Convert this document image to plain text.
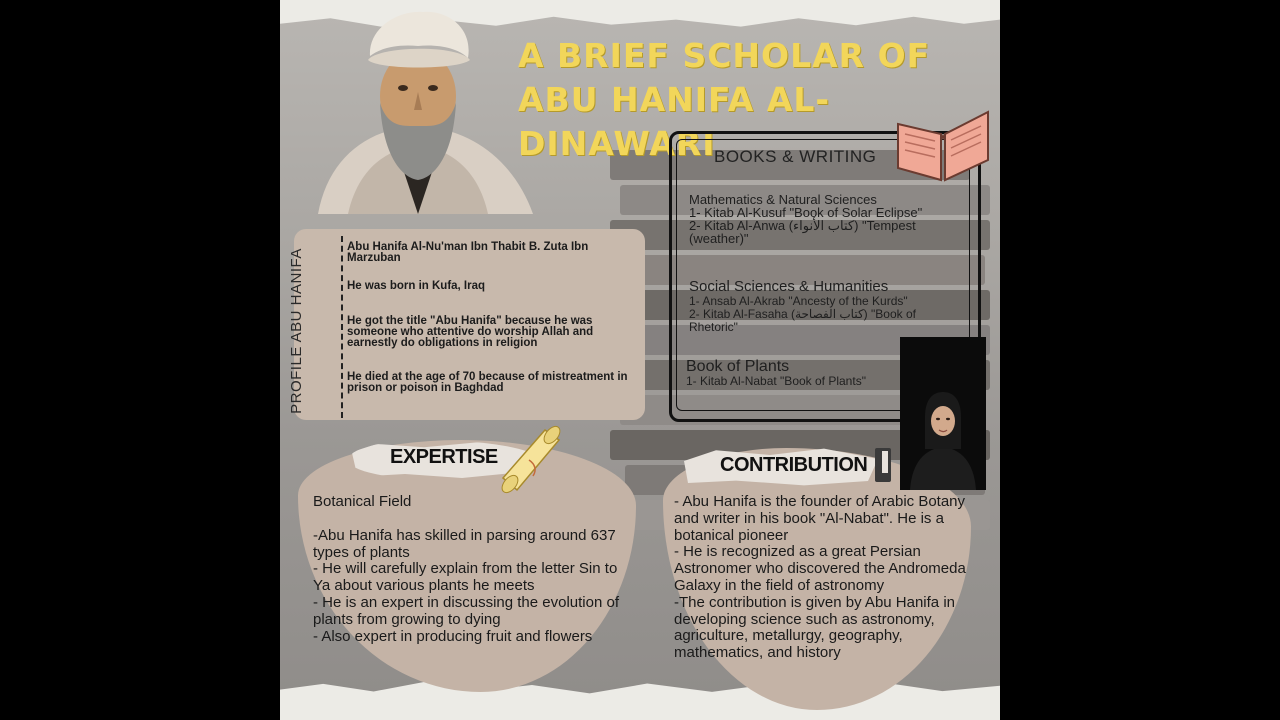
A BRIEF SCHOLAR OF ABU HANIFA AL-DINAWARI
PROFILE ABU HANIFA
Abu Hanifa Al-Nu'man Ibn Thabit B. Zuta Ibn Marzuban
He was born in Kufa, Iraq
He got the title "Abu Hanifa" because he was someone who attentive do worship Allah and earnestly do obligations in religion
He died at the age of 70 because of mistreatment in prison or poison in Baghdad
BOOKS & WRITING
Mathematics & Natural Sciences
1- Kitab Al-Kusuf "Book of Solar Eclipse"
2- Kitab Al-Anwa (كتاب الأنواء) "Tempest (weather)"
Social Sciences & Humanities
1- Ansab Al-Akrab "Ancesty of the Kurds"
2- Kitab Al-Fasaha (كتاب الفصاحة) "Book of Rhetoric"
Book of Plants
1- Kitab Al-Nabat "Book of Plants"
EXPERTISE
Botanical Field
-Abu Hanifa has skilled in parsing around 637 types of plants
- He will carefully explain from the letter Sin to Ya about various plants he meets
- He is an expert in discussing the evolution of plants from growing to dying
- Also expert in producing fruit and flowers
CONTRIBUTION
- Abu Hanifa is the founder of Arabic Botany and writer in his book "Al-Nabat". He is a botanical pioneer
- He is recognized as a great Persian Astronomer who discovered the Andromeda Galaxy in the field of astronomy
-The contribution is given by Abu Hanifa in developing science such as astronomy, agriculture, metallurgy, geography, mathematics, and history
